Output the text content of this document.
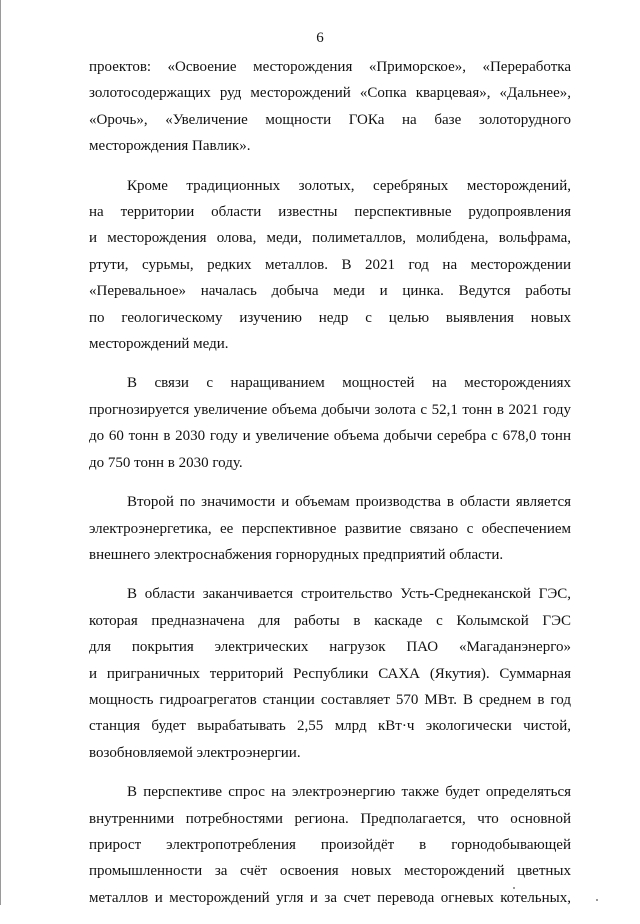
6

проектов: «Освоение месторождения «Приморское», «Переработка
золотосодержащих руд месторождений «Сопка кварцевая», «Дальнее»,
«Орочь», «Увеличение мощности ГОКа на базе золоторудного
месторождения Павлик».

Кроме традиционных золотых, серебряных месторождений,
на территории области известны перспективные рудопроявления
и месторождения олова, меди, полиметаллов, молибдена, вольфрама,
ртути, сурьмы, редких металлов. В 2021 год на месторождении
«Перевальное» началась добыча меди и цинка. Ведутся работы
по геологическому изучению недр с целью выявления новых
месторождений меди.

В связи с наращиванием мощностей на месторождениях
прогнозируется увеличение объема добычи золота с 52,1 тонн в 2021 году
до 60 тонн в 2030 году и увеличение объема добычи серебра с 678,0 тонн
до 750 тонн в 2030 году.

Второй по значимости и объемам производства в области является
электроэнергетика, ее перспективное развитие связано с обеспечением
внешнего электроснабжения горнорудных предприятий области.

В области заканчивается строительство Усть-Среднеканской ГЭС,
которая предназначена для работы в каскаде с Колымской ГЭС
для покрытия электрических нагрузок ПАО «Магаданэнерго»
и приграничных территорий Республики САХА (Якутия). Суммарная
мощность гидроагрегатов станции составляет 570 МВт. В среднем в год
станция будет вырабатывать 2,55 млрд кВт·ч экологически чистой,
возобновляемой электроэнергии.

В перспективе спрос на электроэнергию также будет определяться
внутренними потребностями региона. Предполагается, что основной
прирост электропотребления произойдёт в горнодобывающей
промышленности за счёт освоения новых месторождений цветных
металлов и месторождений угля и за счет перевода огневых котельных,
